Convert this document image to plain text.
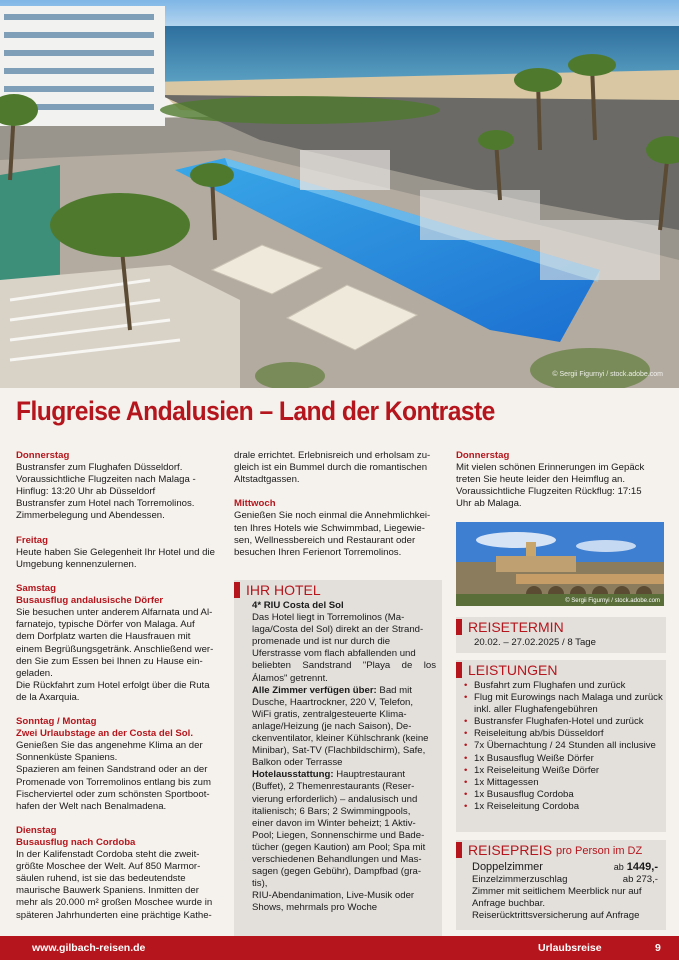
© Sergii Figurnyi / stock.adobe.com
Flugreise Andalusien – Land der Kontraste

Donnerstag

Bustransfer zum Flughafen Düsseldorf.

Voraussichtliche Flugzeiten nach Malaga -

Hinflug: 13:20 Uhr ab Düsseldorf

Bustransfer zum Hotel nach Torremolinos.

Zimmerbelegung und Abendessen.

Freitag

Heute haben Sie Gelegenheit Ihr Hotel und die

Umgebung kennenzulernen.

Samstag

Busausflug andalusische Dörfer

Sie besuchen unter anderem Alfarnata und Al-

farnatejo, typische Dörfer von Malaga. Auf

dem Dorfplatz warten die Hausfrauen mit

einem Begrüßungsgetränk. Anschließend wer-

den Sie zum Essen bei Ihnen zu Hause ein-

geladen.

Die Rückfahrt zum Hotel erfolgt über die Ruta

de la Axarquia.

Sonntag / Montag

Zwei Urlaubstage an der Costa del Sol.

Genießen Sie das angenehme Klima an der

Sonnenküste Spaniens.

Spazieren am feinen Sandstrand oder an der

Promenade von Torremolinos entlang bis zum

Fischerviertel oder zum schönsten Sportboot-

hafen der Welt nach Benalmadena.

Dienstag

Busausflug nach Cordoba

In der Kalifenstadt Cordoba steht die zweit-

größte Moschee der Welt. Auf 850 Marmor-

säulen ruhend, ist sie das bedeutendste

maurische Bauwerk Spaniens. Inmitten der

mehr als 20.000 m² großen Moschee wurde in

späteren Jahrhunderten eine prächtige Kathe-

drale errichtet. Erlebnisreich und erholsam zu-

gleich ist ein Bummel durch die romantischen

Altstadtgassen.

Mittwoch

Genießen Sie noch einmal die Annehmlichkei-

ten Ihres Hotels wie Schwimmbad, Liegewie-

sen, Wellnessbereich und Restaurant oder

besuchen Ihren Ferienort Torremolinos.

IHR HOTEL

4* RIU Costa del Sol

Das Hotel liegt in Torremolinos (Ma-

laga/Costa del Sol) direkt an der Strand-

promenade und ist nur durch die

Uferstrasse vom flach abfallenden und

beliebten Sandstrand "Playa de los Álamos" getrennt.

Alle Zimmer verfügen über: Bad mit

Dusche, Haartrockner, 220 V, Telefon,

WiFi gratis, zentralgesteuerte Klima-

anlage/Heizung (je nach Saison), De-

ckenventilator, kleiner Kühlschrank (keine

Minibar), Sat-TV (Flachbildschirm), Safe,

Balkon oder Terrasse

Hotelausstattung: Hauptrestaurant

(Buffet), 2 Themenrestaurants (Reser-

vierung erforderlich) – andalusisch und

italienisch; 6 Bars; 2 Swimmingpools,

einer davon im Winter beheizt; 1 Aktiv-

Pool; Liegen, Sonnenschirme und Bade-

tücher (gegen Kaution) am Pool; Spa mit

verschiedenen Behandlungen und Mas-

sagen (gegen Gebühr), Dampfbad (gra-

tis),

RIU-Abendanimation, Live-Musik oder

Shows, mehrmals pro Woche

Donnerstag

Mit vielen schönen Erinnerungen im Gepäck

treten Sie heute leider den Heimflug an.

Voraussichtliche Flugzeiten Rückflug: 17:15

Uhr ab Malaga.

© Sergii Figurnyi / stock.adobe.com
REISETERMIN
20.02. – 27.02.2025 / 8 Tage
LEISTUNGEN
• Busfahrt zum Flughafen und zurück
• Flug mit Eurowings nach Malaga und zurück inkl. aller Flughafengebühren
• Bustransfer Flughafen-Hotel und zurück
• Reiseleitung ab/bis Düsseldorf
• 7x Übernachtung / 24 Stunden all inclusive
• 1x Busausflug Weiße Dörfer
• 1x Reiseleitung Weiße Dörfer
• 1x Mittagessen
• 1x Busausflug Cordoba
• 1x Reiseleitung Cordoba
REISEPREIS pro Person im DZ
Doppelzimmer	ab 1449,-
Einzelzimmerzuschlag	ab 273,-
Zimmer mit seitlichem Meerblick nur auf
Anfrage buchbar.
Reiserücktrittsversicherung auf Anfrage
www.gilbach-reisen.de	Urlaubsreise	9
